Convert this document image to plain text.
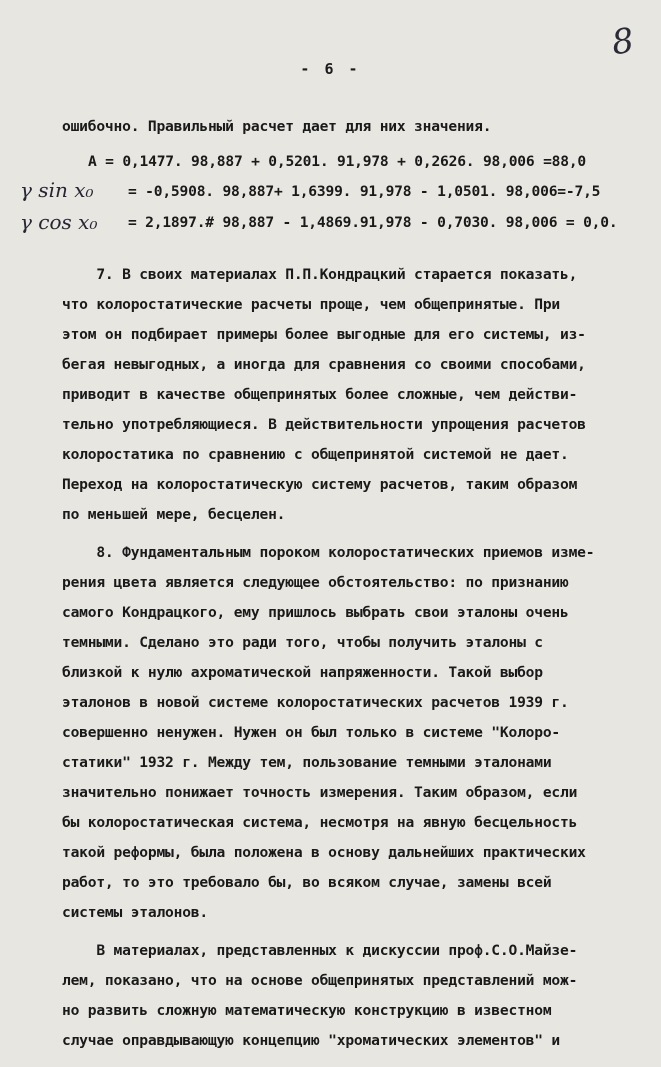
- 6 -
8
ошибочно. Правильный расчет дает для них значения.
A = 0,1477. 98,887 + 0,5201. 91,978 + 0,2626. 98,006 =88,0
γ sin x₀ = -0,5908. 98,887+ 1,6399. 91,978 - 1,0501. 98,006=-7,5
γ cos x₀ = 2,1897.# 98,887 - 1,4869.91,978 - 0,7030. 98,006 = 0,0.
7. В своих материалах П.П.Кондрацкий старается показать,
что колоростатические расчеты проще, чем общепринятые. При
этом он подбирает примеры более выгодные для его системы, из-
бегая невыгодных, а иногда для сравнения со своими способами,
приводит в качестве общепринятых более сложные, чем действи-
тельно употребляющиеся. В действительности упрощения расчетов
колоростатика по сравнению с общепринятой системой не дает.
Переход на колоростатическую систему расчетов, таким образом
по меньшей мере, бесцелен.
8. Фундаментальным пороком колоростатических приемов изме-
рения цвета является следующее обстоятельство: по признанию
самого Кондрацкого, ему пришлось выбрать свои эталоны очень
темными. Сделано это ради того, чтобы получить эталоны с
близкой к нулю ахроматической напряженности. Такой выбор
эталонов в новой системе колоростатических расчетов 1939 г.
совершенно ненужен. Нужен он был только в системе "Колоро-
статики" 1932 г. Между тем, пользование темными эталонами
значительно понижает точность измерения. Таким образом, если
бы колоростатическая система, несмотря на явную бесцельность
такой реформы, была положена в основу дальнейших практических
работ, то это требовало бы, во всяком случае, замены всей
системы эталонов.
В материалах, представленных к дискуссии проф.С.О.Майзе-
лем, показано, что на основе общепринятых представлений мож-
но развить сложную математическую конструкцию в известном
случае оправдывающую концепцию "хроматических элементов" и
